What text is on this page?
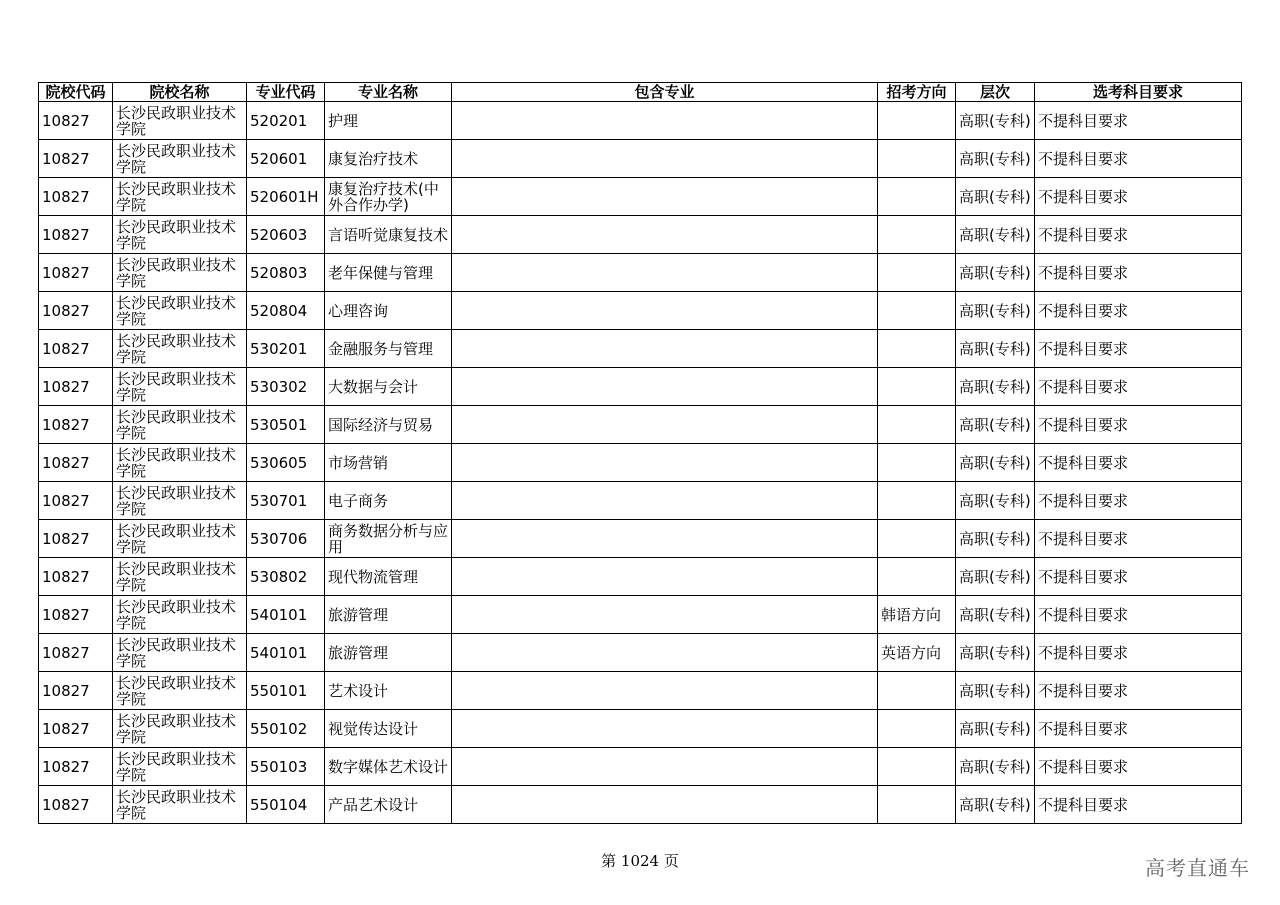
院校代码	院校名称	专业代码	专业名称	包含专业	招考方向	层次	选考科目要求
10827	长沙民政职业技术学院	520201	护理			高职(专科)	不提科目要求
10827	长沙民政职业技术学院	520601	康复治疗技术			高职(专科)	不提科目要求
10827	长沙民政职业技术学院	520601H	康复治疗技术(中外合作办学)			高职(专科)	不提科目要求
10827	长沙民政职业技术学院	520603	言语听觉康复技术			高职(专科)	不提科目要求
10827	长沙民政职业技术学院	520803	老年保健与管理			高职(专科)	不提科目要求
10827	长沙民政职业技术学院	520804	心理咨询			高职(专科)	不提科目要求
10827	长沙民政职业技术学院	530201	金融服务与管理			高职(专科)	不提科目要求
10827	长沙民政职业技术学院	530302	大数据与会计			高职(专科)	不提科目要求
10827	长沙民政职业技术学院	530501	国际经济与贸易			高职(专科)	不提科目要求
10827	长沙民政职业技术学院	530605	市场营销			高职(专科)	不提科目要求
10827	长沙民政职业技术学院	530701	电子商务			高职(专科)	不提科目要求
10827	长沙民政职业技术学院	530706	商务数据分析与应用			高职(专科)	不提科目要求
10827	长沙民政职业技术学院	530802	现代物流管理			高职(专科)	不提科目要求
10827	长沙民政职业技术学院	540101	旅游管理		韩语方向	高职(专科)	不提科目要求
10827	长沙民政职业技术学院	540101	旅游管理		英语方向	高职(专科)	不提科目要求
10827	长沙民政职业技术学院	550101	艺术设计			高职(专科)	不提科目要求
10827	长沙民政职业技术学院	550102	视觉传达设计			高职(专科)	不提科目要求
10827	长沙民政职业技术学院	550103	数字媒体艺术设计			高职(专科)	不提科目要求
10827	长沙民政职业技术学院	550104	产品艺术设计			高职(专科)	不提科目要求
第 1024 页	高考直通车
